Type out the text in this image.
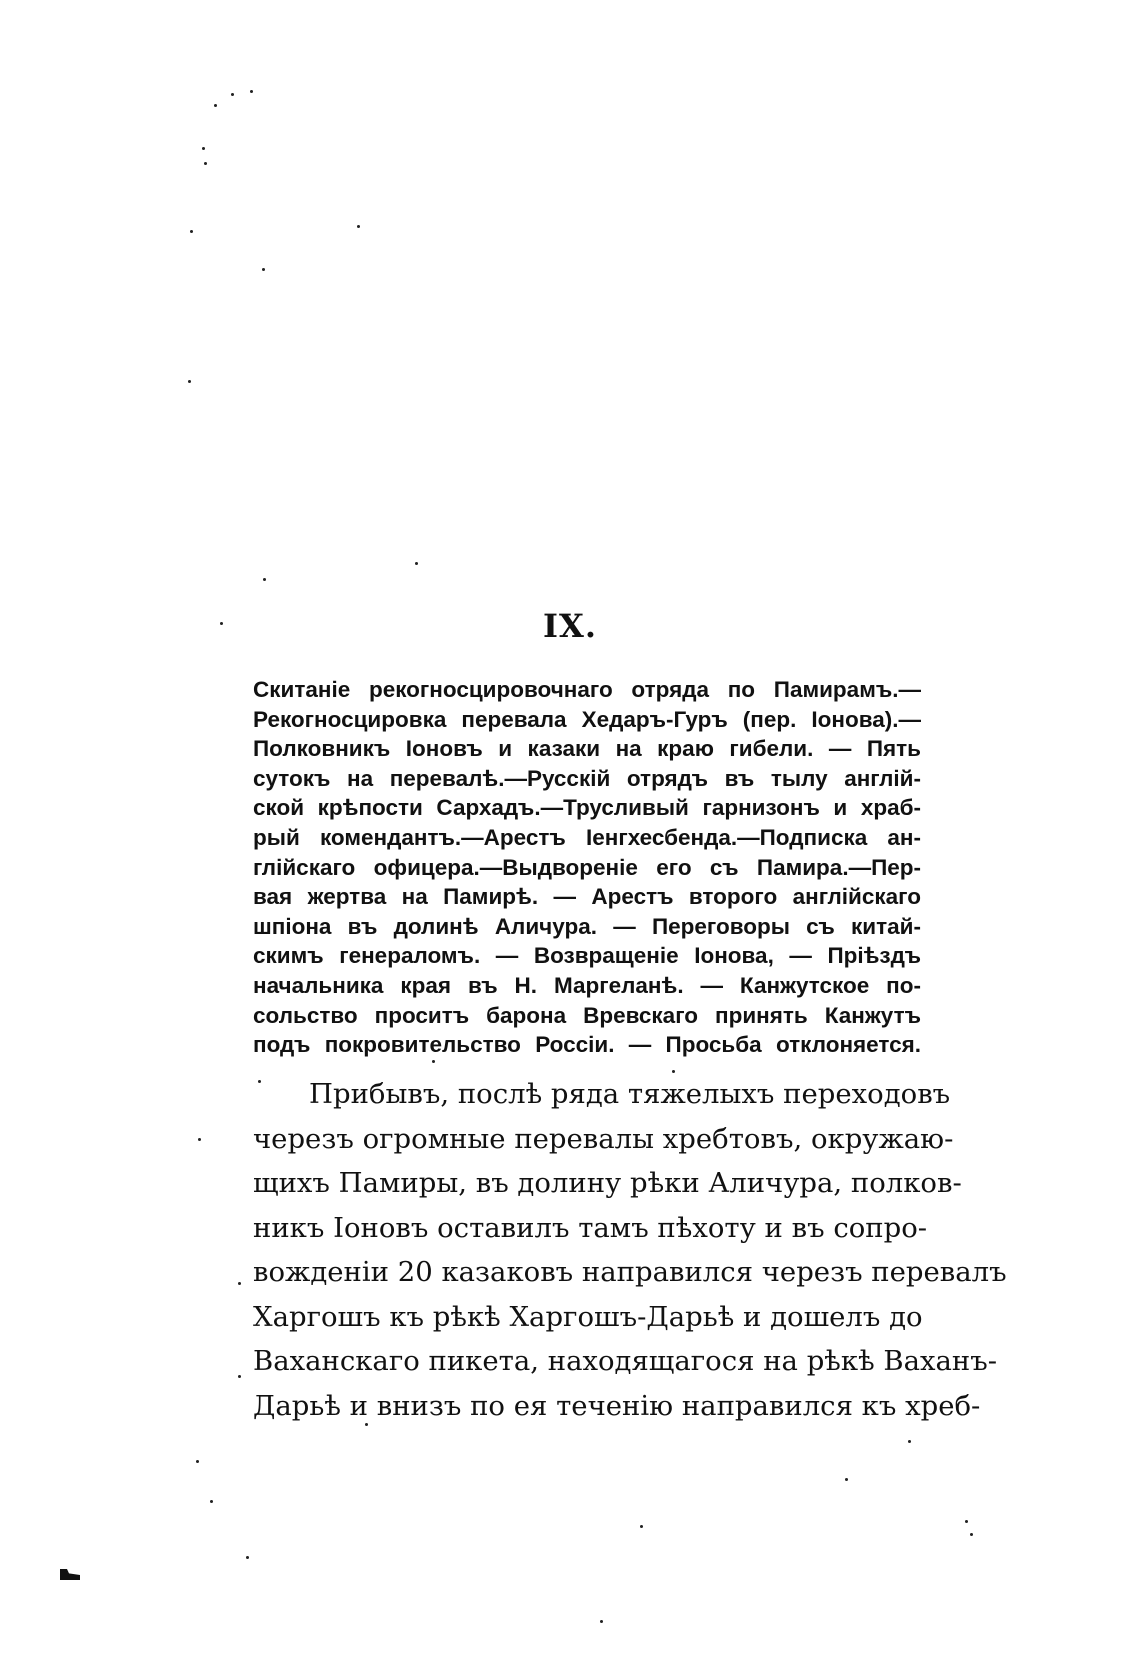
IX.
Скитаніе рекогносцировочнаго отряда по Памирамъ.—
Рекогносцировка перевала Хедаръ-Гуръ (пер. Іонова).—
Полковникъ Іоновъ и казаки на краю гибели. — Пять
сутокъ на перевалѣ.—Русскій отрядъ въ тылу англій-
ской крѣпости Сархадъ.—Трусливый гарнизонъ и храб-
рый комендантъ.—Арестъ Іенгхесбенда.—Подписка ан-
глійскаго офицера.—Выдвореніе его съ Памира.—Пер-
вая жертва на Памирѣ. — Арестъ второго англійскаго
шпіона въ долинѣ Аличура. — Переговоры съ китай-
скимъ генераломъ. — Возвращеніе Іонова, — Пріѣздъ
начальника края въ Н. Маргеланѣ. — Канжутское по-
сольство проситъ барона Вревскаго принять Канжутъ
подъ покровительство Россіи. — Просьба отклоняется.
Прибывъ, послѣ ряда тяжелыхъ переходовъ
черезъ огромные перевалы хребтовъ, окружаю-
щихъ Памиры, въ долину рѣки Аличура, полков-
никъ Іоновъ оставилъ тамъ пѣхоту и въ сопро-
вожденіи 20 казаковъ направился черезъ перевалъ
Харгошъ къ рѣкѣ Харгошъ-Дарьѣ и дошелъ до
Ваханскаго пикета, находящагося на рѣкѣ Ваханъ-
Дарьѣ и внизъ по ея теченію направился къ хреб-
